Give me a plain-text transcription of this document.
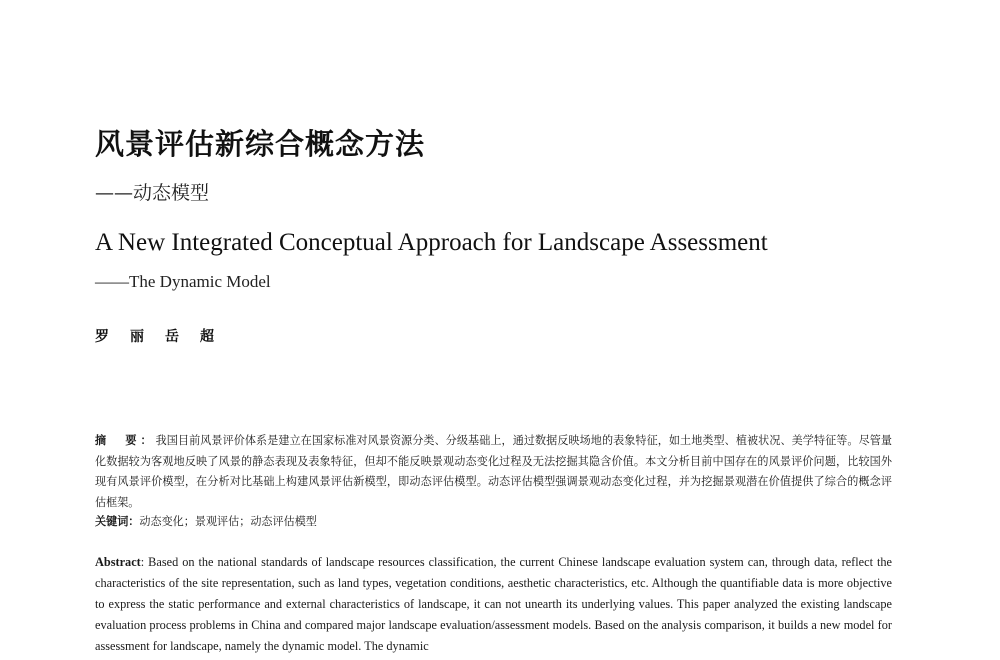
风景评估新综合概念方法
——动态模型
A New Integrated Conceptual Approach for Landscape Assessment
——The Dynamic Model
罗 丽 岳 超

摘　要：我国目前风景评价体系是建立在国家标准对风景资源分类、分级基础上，通过数据反映场地的表象特征，如土地类型、植被状况、美学特征等。尽管量化数据较为客观地反映了风景的静态表现及表象特征，但却不能反映景观动态变化过程及无法挖掘其隐含价值。本文分析目前中国存在的风景评价问题，比较国外现有风景评价模型，在分析对比基础上构建风景评估新模型，即动态评估模型。动态评估模型强调景观动态变化过程，并为挖掘景观潜在价值提供了综合的概念评估框架。

关键词：动态变化；景观评估；动态评估模型

Abstract: Based on the national standards of landscape resources classification, the current Chinese landscape evaluation system can, through data, reflect the characteristics of the site representation, such as land types, vegetation conditions, aesthetic characteristics, etc. Although the quantifiable data is more objective to express the static performance and external characteristics of landscape, it can not unearth its underlying values. This paper analyzed the existing landscape evaluation process problems in China and compared major landscape evaluation/assessment models. Based on the analysis comparison, it builds a new model for assessment for landscape, namely the dynamic model. The dynamic
